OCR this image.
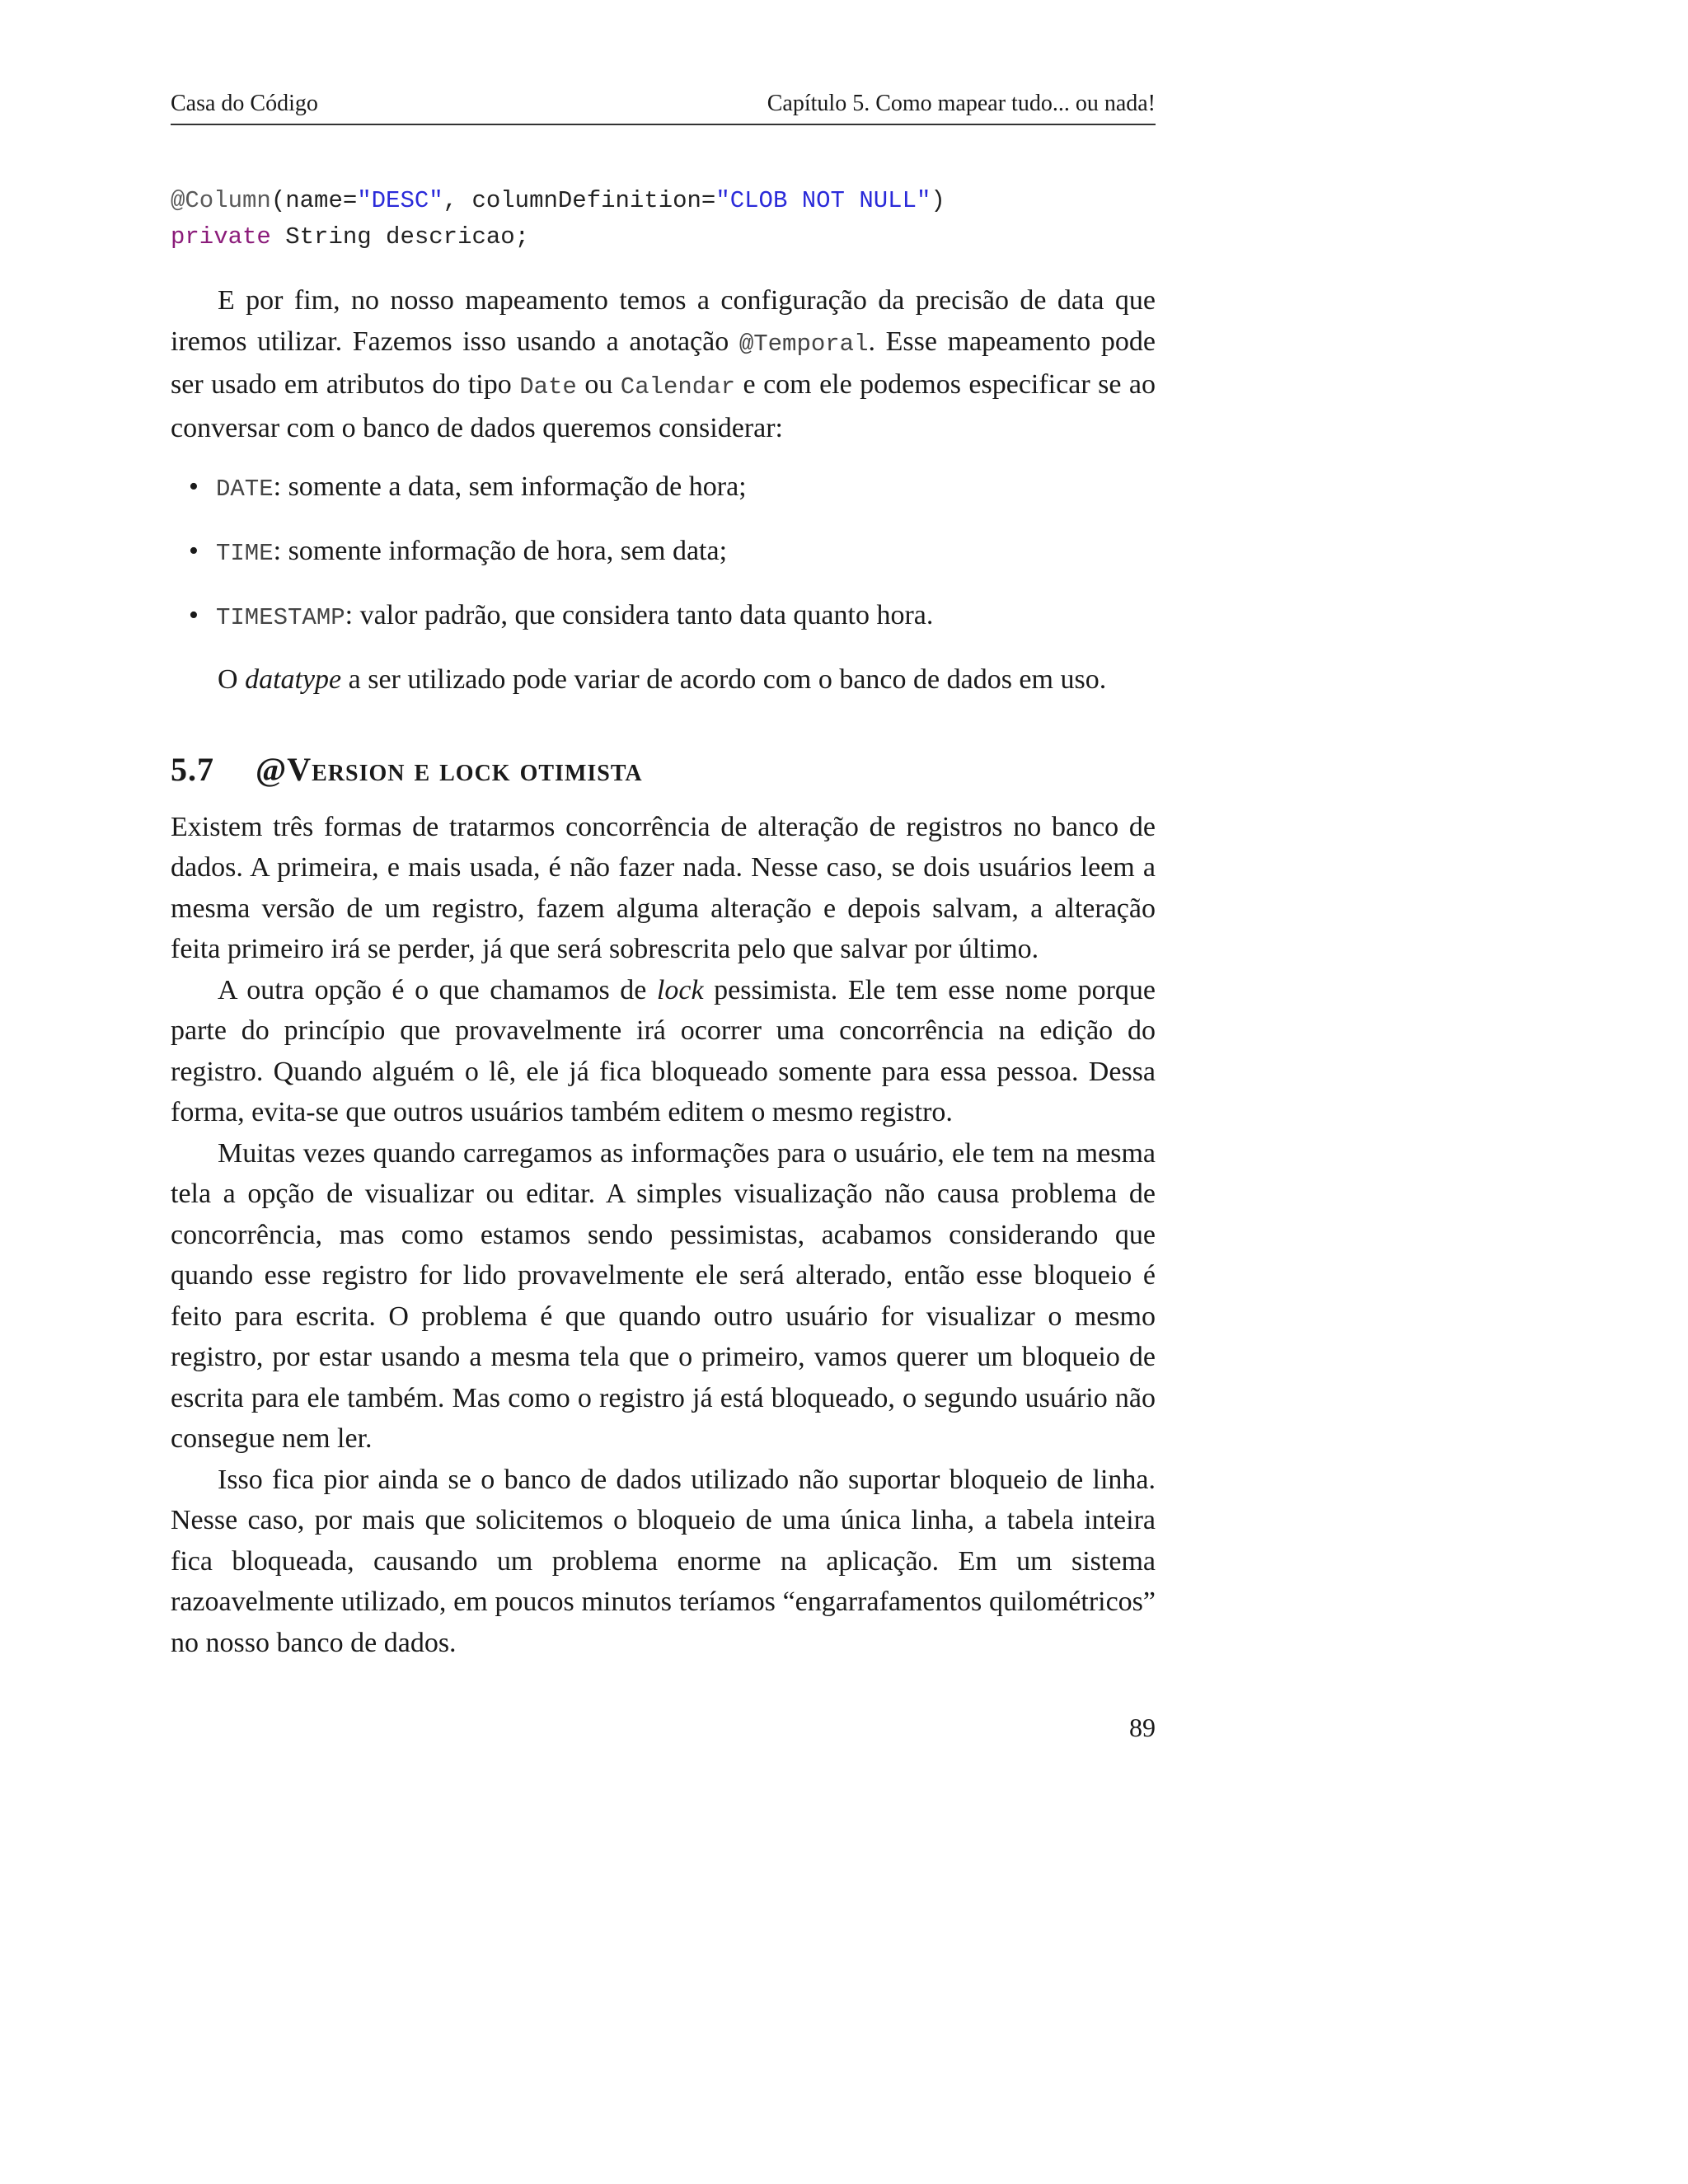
Casa do Código	Capítulo 5. Como mapear tudo... ou nada!
@Column(name="DESC", columnDefinition="CLOB NOT NULL")
private String descricao;

E por fim, no nosso mapeamento temos a configuração da precisão de data que iremos utilizar. Fazemos isso usando a anotação @Temporal. Esse mapeamento pode ser usado em atributos do tipo Date ou Calendar e com ele podemos especificar se ao conversar com o banco de dados queremos considerar:

• DATE: somente a data, sem informação de hora;
• TIME: somente informação de hora, sem data;
• TIMESTAMP: valor padrão, que considera tanto data quanto hora.

O datatype a ser utilizado pode variar de acordo com o banco de dados em uso.

5.7 @Version e lock otimista

Existem três formas de tratarmos concorrência de alteração de registros no banco de dados. A primeira, e mais usada, é não fazer nada. Nesse caso, se dois usuários leem a mesma versão de um registro, fazem alguma alteração e depois salvam, a alteração feita primeiro irá se perder, já que será sobrescrita pelo que salvar por último.

A outra opção é o que chamamos de lock pessimista. Ele tem esse nome porque parte do princípio que provavelmente irá ocorrer uma concorrência na edição do registro. Quando alguém o lê, ele já fica bloqueado somente para essa pessoa. Dessa forma, evita-se que outros usuários também editem o mesmo registro.

Muitas vezes quando carregamos as informações para o usuário, ele tem na mesma tela a opção de visualizar ou editar. A simples visualização não causa problema de concorrência, mas como estamos sendo pessimistas, acabamos considerando que quando esse registro for lido provavelmente ele será alterado, então esse bloqueio é feito para escrita. O problema é que quando outro usuário for visualizar o mesmo registro, por estar usando a mesma tela que o primeiro, vamos querer um bloqueio de escrita para ele também. Mas como o registro já está bloqueado, o segundo usuário não consegue nem ler.

Isso fica pior ainda se o banco de dados utilizado não suportar bloqueio de linha. Nesse caso, por mais que solicitemos o bloqueio de uma única linha, a tabela inteira fica bloqueada, causando um problema enorme na aplicação. Em um sistema razoavelmente utilizado, em poucos minutos teríamos “engarrafamentos quilométricos” no nosso banco de dados.

89
